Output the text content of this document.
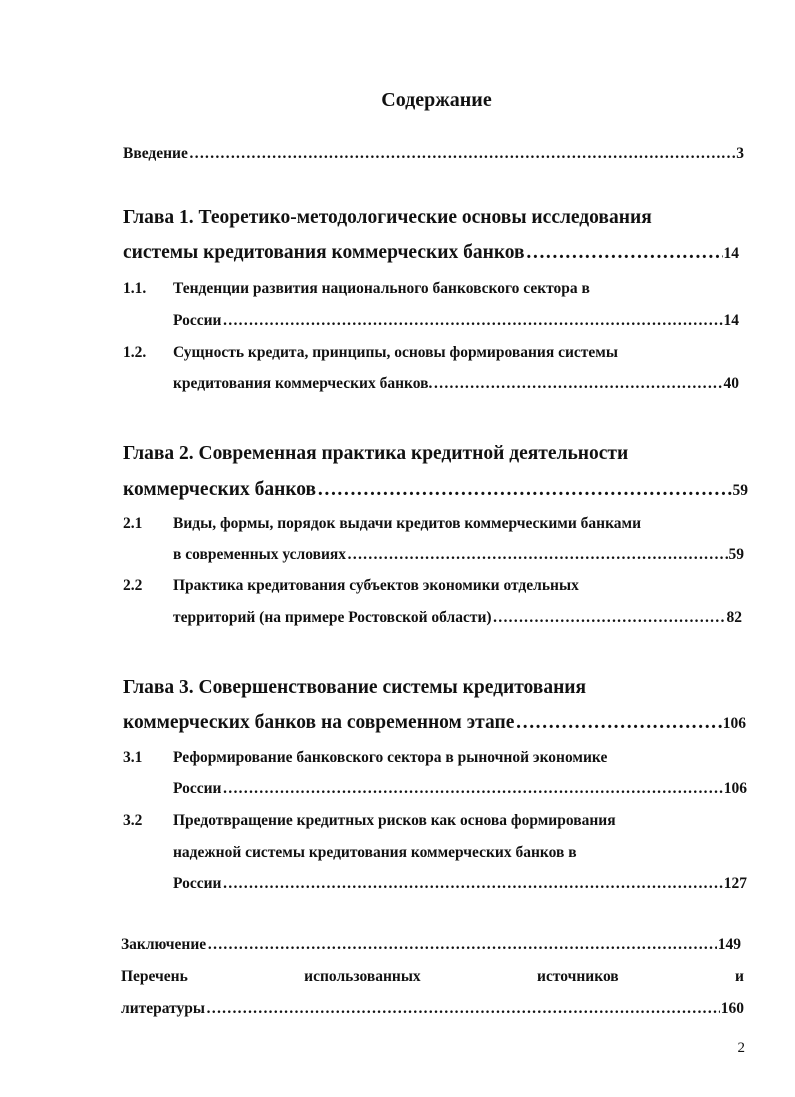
Содержание
Введение ……………………………………………………………………………………………………………………………………………………………………………………	…3
Глава 1. Теоретико-методологические основы исследования
системы кредитования коммерческих банков ……………………………………………………………………………………………………………………………………………………………………………………	14
1.1.	Тенденции развития национального банковского сектора в
России ……………………………………………………………………………………………………………………………………………………………………………………	14
1.2.	Сущность кредита, принципы, основы формирования системы
кредитования коммерческих банков. ……………………………………………………………………………………………………………………………………………………………………………………	40
Глава 2. Современная практика кредитной деятельности
коммерческих банков ……………………………………………………………………………………………………………………………………………………………………………………	59
2.1	Виды, формы, порядок выдачи кредитов коммерческими банками
в современных условиях ……………………………………………………………………………………………………………………………………………………………………………………	59
2.2	Практика кредитования субъектов экономики отдельных
территорий (на примере Ростовской области) ……………………………………………………………………………………………………………………………………………………………………………………	82
Глава 3. Совершенствование системы кредитования
коммерческих банков на современном этапе ……………………………………………………………………………………………………………………………………………………………………………………	106
3.1	Реформирование банковского сектора в рыночной экономике
России ……………………………………………………………………………………………………………………………………………………………………………………	106
3.2	Предотвращение кредитных рисков как основа формирования
надежной системы кредитования коммерческих банков в
России ……………………………………………………………………………………………………………………………………………………………………………………	127
Заключение ……………………………………………………………………………………………………………………………………………………………………………………	149
Перечень	использованных	источников	и
литературы ……………………………………………………………………………………………………………………………………………………………………………………	160
2
